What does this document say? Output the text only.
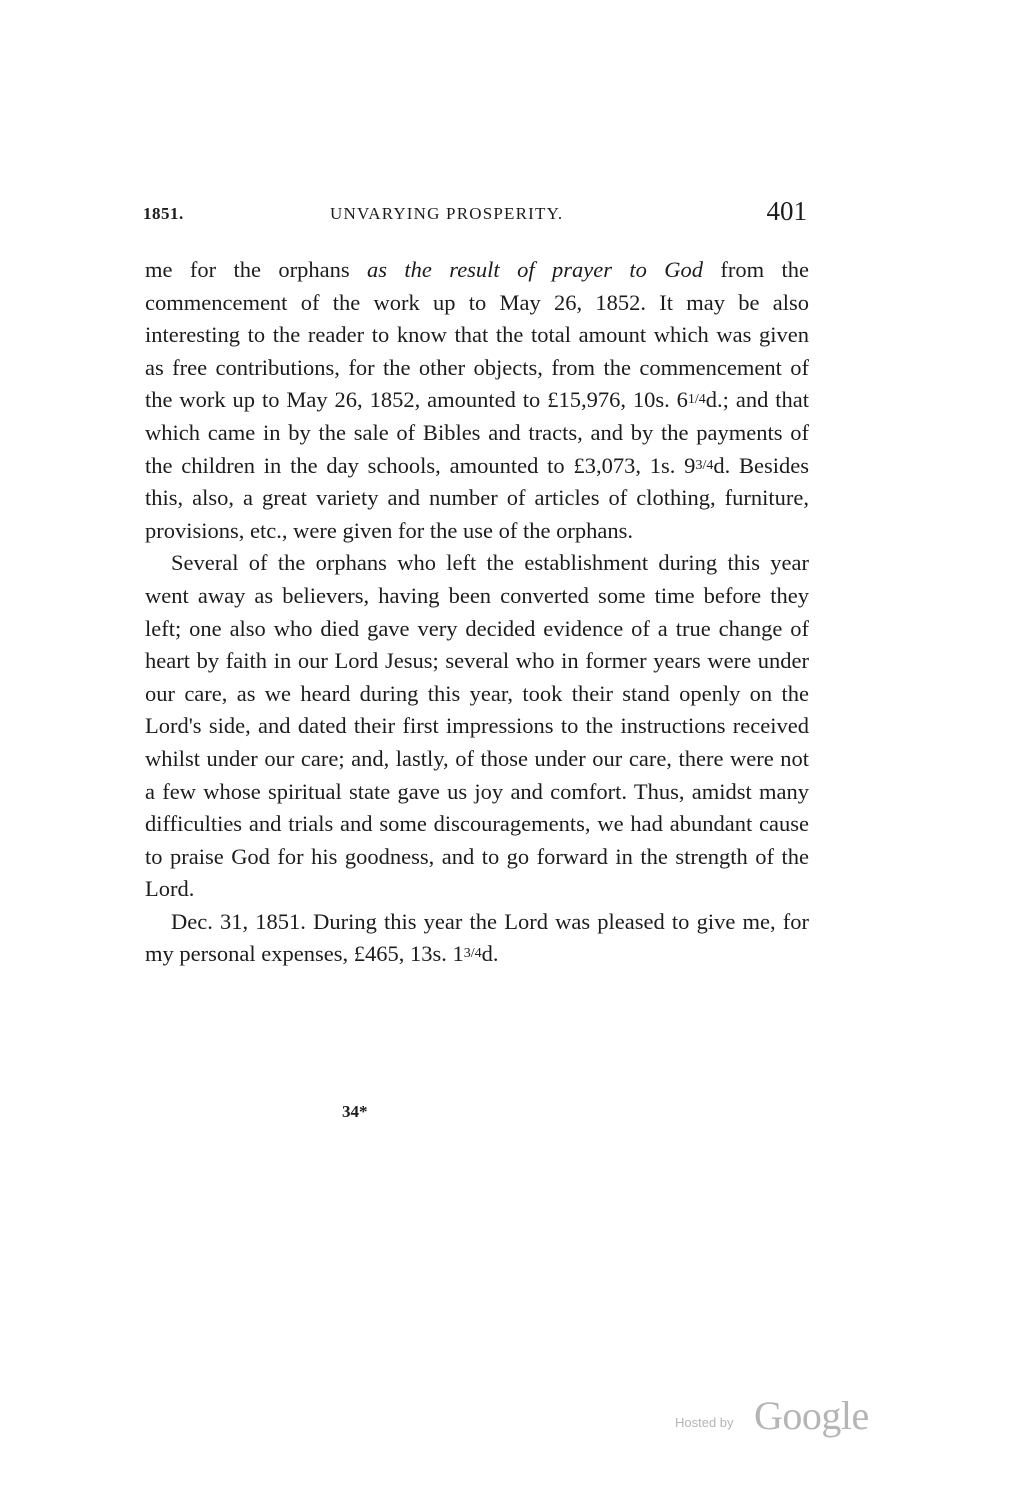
1851.	UNVARYING PROSPERITY.	401

me for the orphans as the result of prayer to God from the commencement of the work up to May 26, 1852. It may be also interesting to the reader to know that the total amount which was given as free contributions, for the other objects, from the commencement of the work up to May 26, 1852, amounted to £15,976, 10s. 61/4d.; and that which came in by the sale of Bibles and tracts, and by the payments of the children in the day schools, amounted to £3,073, 1s. 93/4d. Besides this, also, a great variety and number of articles of clothing, furniture, provisions, etc., were given for the use of the orphans.

Several of the orphans who left the establishment during this year went away as believers, having been converted some time before they left; one also who died gave very decided evidence of a true change of heart by faith in our Lord Jesus; several who in former years were under our care, as we heard during this year, took their stand openly on the Lord's side, and dated their first impressions to the instructions received whilst under our care; and, lastly, of those under our care, there were not a few whose spiritual state gave us joy and comfort. Thus, amidst many difficulties and trials and some discouragements, we had abundant cause to praise God for his goodness, and to go forward in the strength of the Lord.

Dec. 31, 1851. During this year the Lord was pleased to give me, for my personal expenses, £465, 13s. 13/4d.

34*
Hosted by Google
